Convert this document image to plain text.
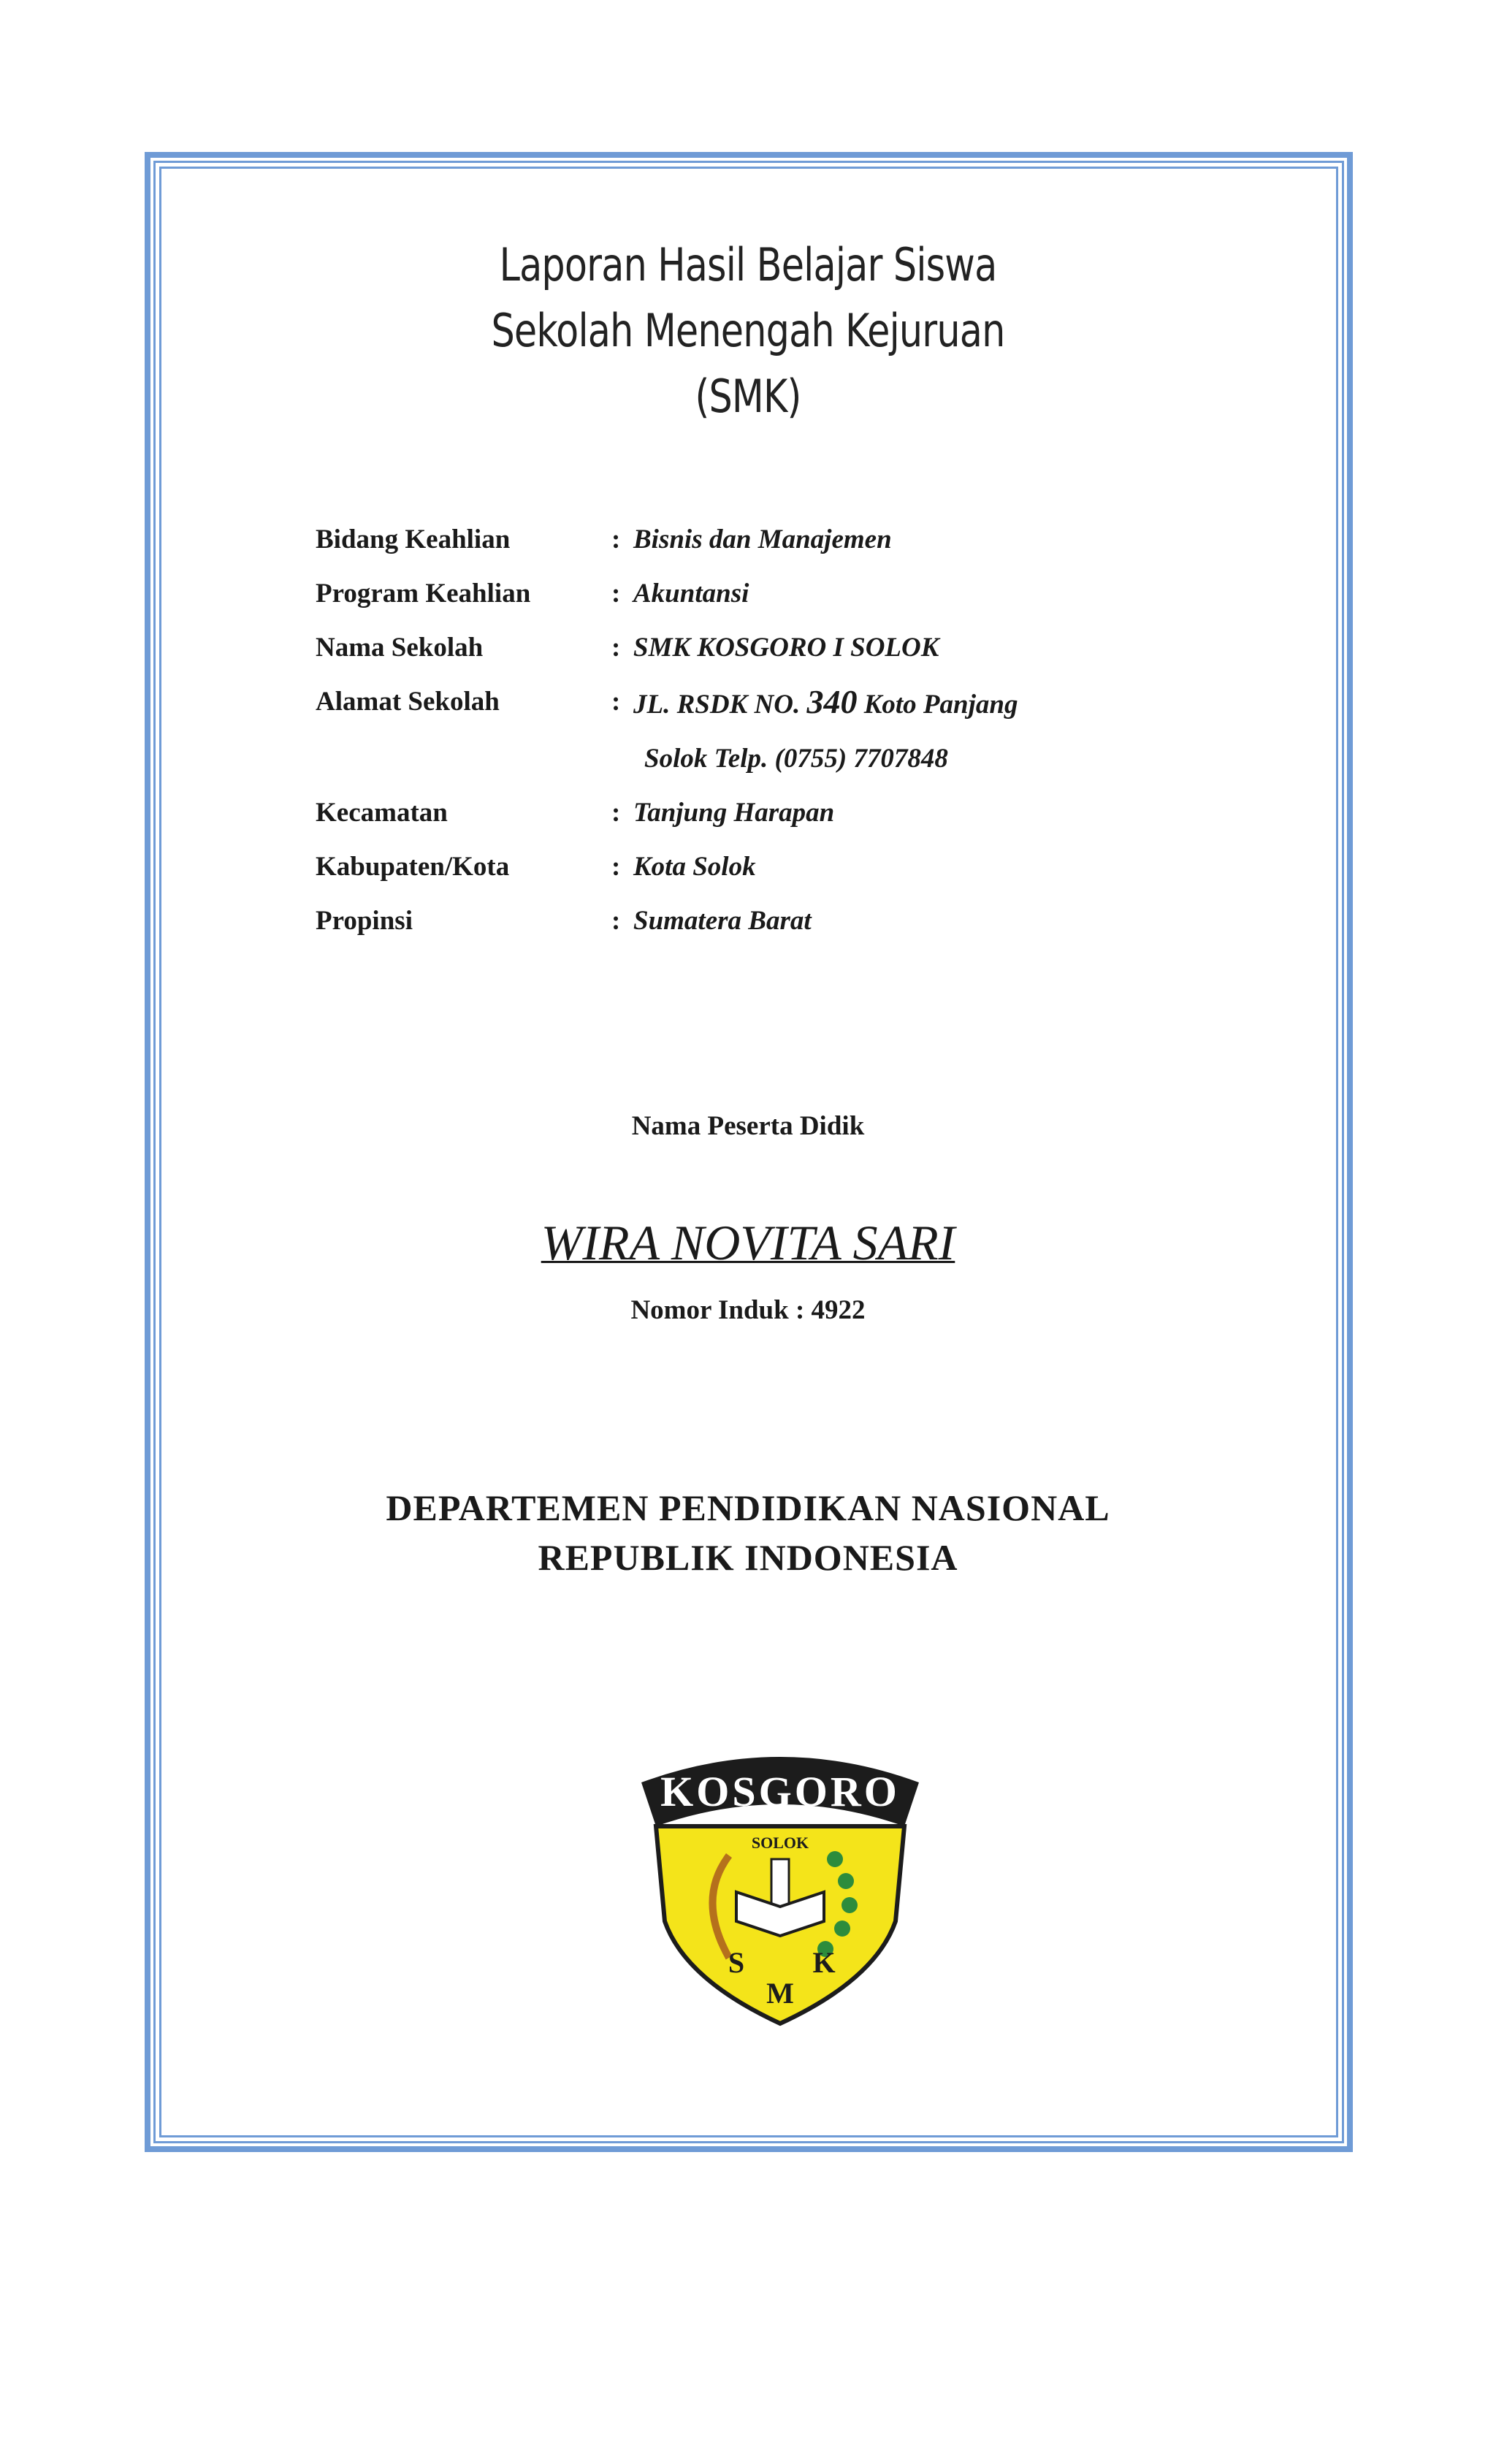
Laporan Hasil Belajar Siswa
Sekolah Menengah Kejuruan
(SMK)
Bidang Keahlian	: Bisnis dan Manajemen
Program Keahlian	: Akuntansi
Nama Sekolah	: SMK KOSGORO I SOLOK
Alamat Sekolah	: JL. RSDK NO. 340 Koto Panjang
Solok Telp. (0755) 7707848
Kecamatan	: Tanjung Harapan
Kabupaten/Kota	: Kota Solok
Propinsi	: Sumatera Barat
Nama Peserta Didik
WIRA NOVITA SARI
Nomor Induk : 4922
DEPARTEMEN PENDIDIKAN NASIONAL
REPUBLIK INDONESIA
KOSGORO
SOLOK
S K
M
